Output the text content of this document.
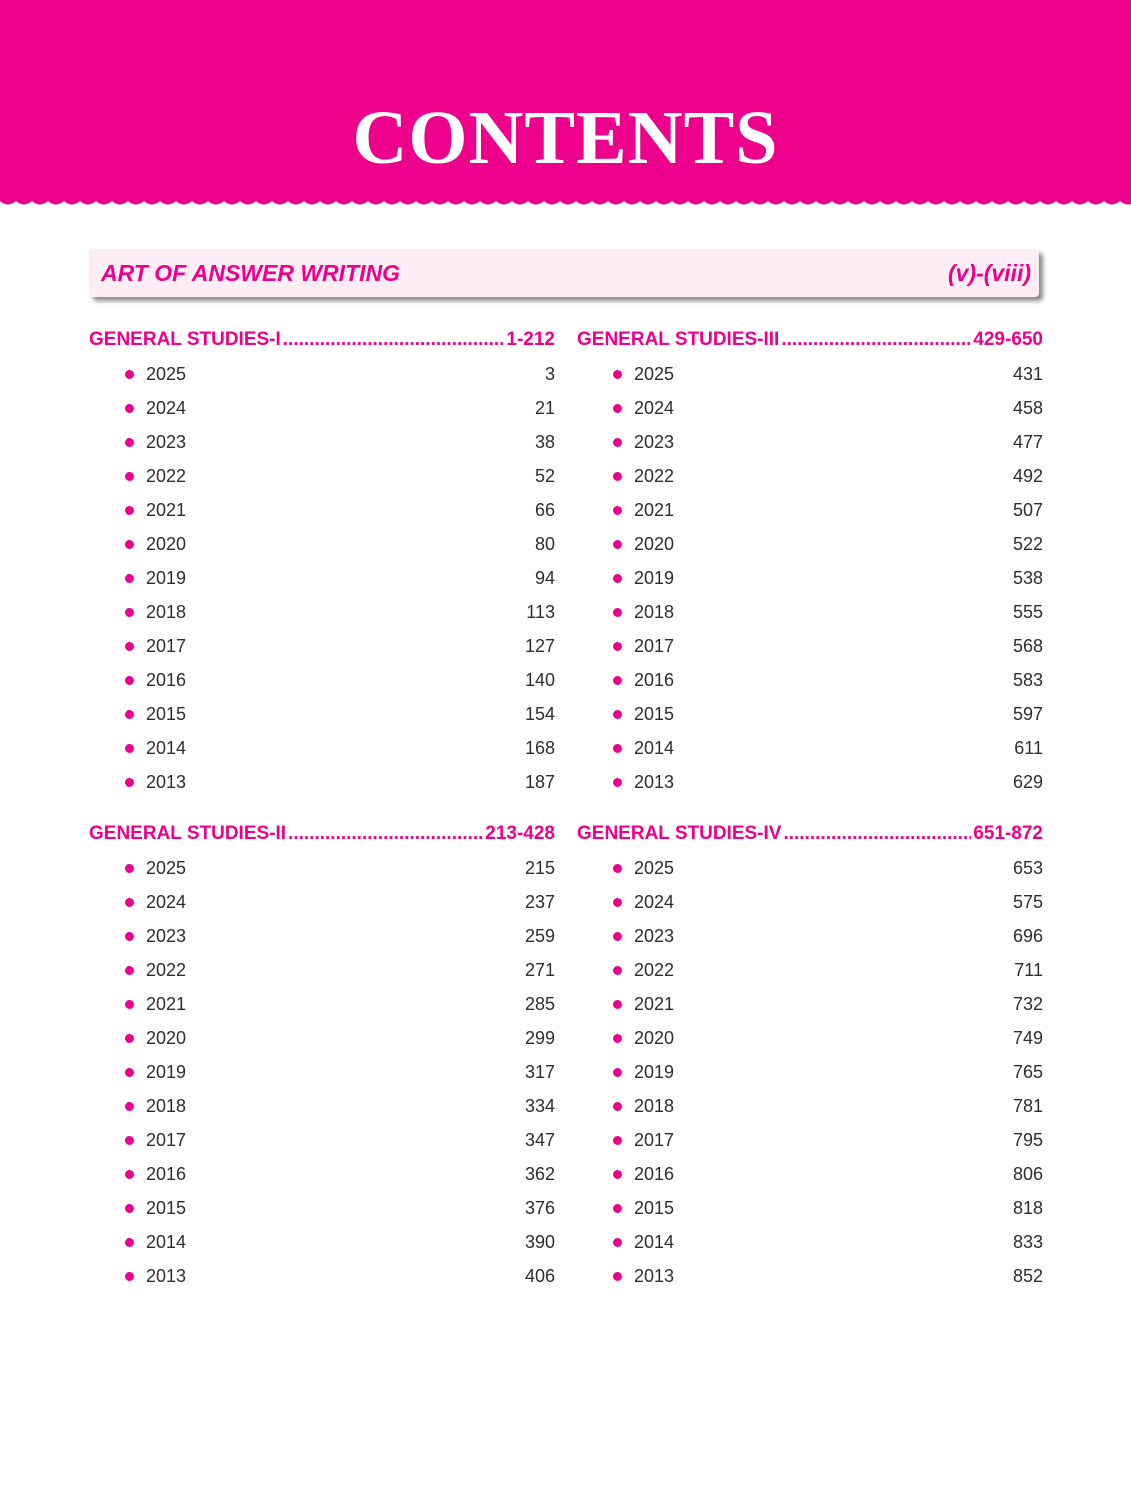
CONTENTS
ART OF ANSWER WRITING	(v)-(viii)
GENERAL STUDIES-I .....	1-212
2025	3
2024	21
2023	38
2022	52
2021	66
2020	80
2019	94
2018	113
2017	127
2016	140
2015	154
2014	168
2013	187
GENERAL STUDIES-III .....	429-650
2025	431
2024	458
2023	477
2022	492
2021	507
2020	522
2019	538
2018	555
2017	568
2016	583
2015	597
2014	611
2013	629
GENERAL STUDIES-II .....	213-428
2025	215
2024	237
2023	259
2022	271
2021	285
2020	299
2019	317
2018	334
2017	347
2016	362
2015	376
2014	390
2013	406
GENERAL STUDIES-IV .....	651-872
2025	653
2024	575
2023	696
2022	711
2021	732
2020	749
2019	765
2018	781
2017	795
2016	806
2015	818
2014	833
2013	852
